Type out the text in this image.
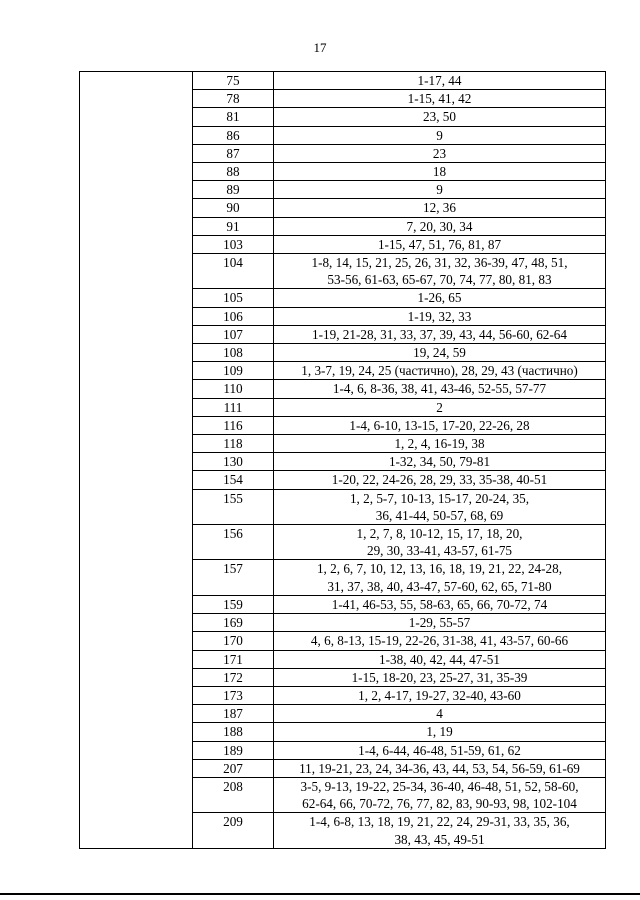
17
	75	1-17, 44

	78	1-15, 41, 42

	81	23, 50

	86	9

	87	23

	88	18

	89	9

	90	12, 36

	91	7, 20, 30, 34

	103	1-15, 47, 51, 76, 81, 87

	104	1-8, 14, 15, 21, 25, 26, 31, 32, 36-39, 47, 48, 51,
53-56, 61-63, 65-67, 70, 74, 77, 80, 81, 83

	105	1-26, 65

	106	1-19, 32, 33

	107	1-19, 21-28, 31, 33, 37, 39, 43, 44, 56-60, 62-64

	108	19, 24, 59

	109	1, 3-7, 19, 24, 25 (частично), 28, 29, 43 (частично)

	110	1-4, 6, 8-36, 38, 41, 43-46, 52-55, 57-77

	111	2

	116	1-4, 6-10, 13-15, 17-20, 22-26, 28

	118	1, 2, 4, 16-19, 38

	130	1-32, 34, 50, 79-81

	154	1-20, 22, 24-26, 28, 29, 33, 35-38, 40-51

	155	1, 2, 5-7, 10-13, 15-17, 20-24, 35,
36, 41-44, 50-57, 68, 69

	156	1, 2, 7, 8, 10-12, 15, 17, 18, 20,
29, 30, 33-41, 43-57, 61-75

	157	1, 2, 6, 7, 10, 12, 13, 16, 18, 19, 21, 22, 24-28,
31, 37, 38, 40, 43-47, 57-60, 62, 65, 71-80

	159	1-41, 46-53, 55, 58-63, 65, 66, 70-72, 74

	169	1-29, 55-57

	170	4, 6, 8-13, 15-19, 22-26, 31-38, 41, 43-57, 60-66

	171	1-38, 40, 42, 44, 47-51

	172	1-15, 18-20, 23, 25-27, 31, 35-39

	173	1, 2, 4-17, 19-27, 32-40, 43-60

	187	4

	188	1, 19

	189	1-4, 6-44, 46-48, 51-59, 61, 62

	207	11, 19-21, 23, 24, 34-36, 43, 44, 53, 54, 56-59, 61-69

	208	3-5, 9-13, 19-22, 25-34, 36-40, 46-48, 51, 52, 58-60,
62-64, 66, 70-72, 76, 77, 82, 83, 90-93, 98, 102-104

	209	1-4, 6-8, 13, 18, 19, 21, 22, 24, 29-31, 33, 35, 36,
38, 43, 45, 49-51
